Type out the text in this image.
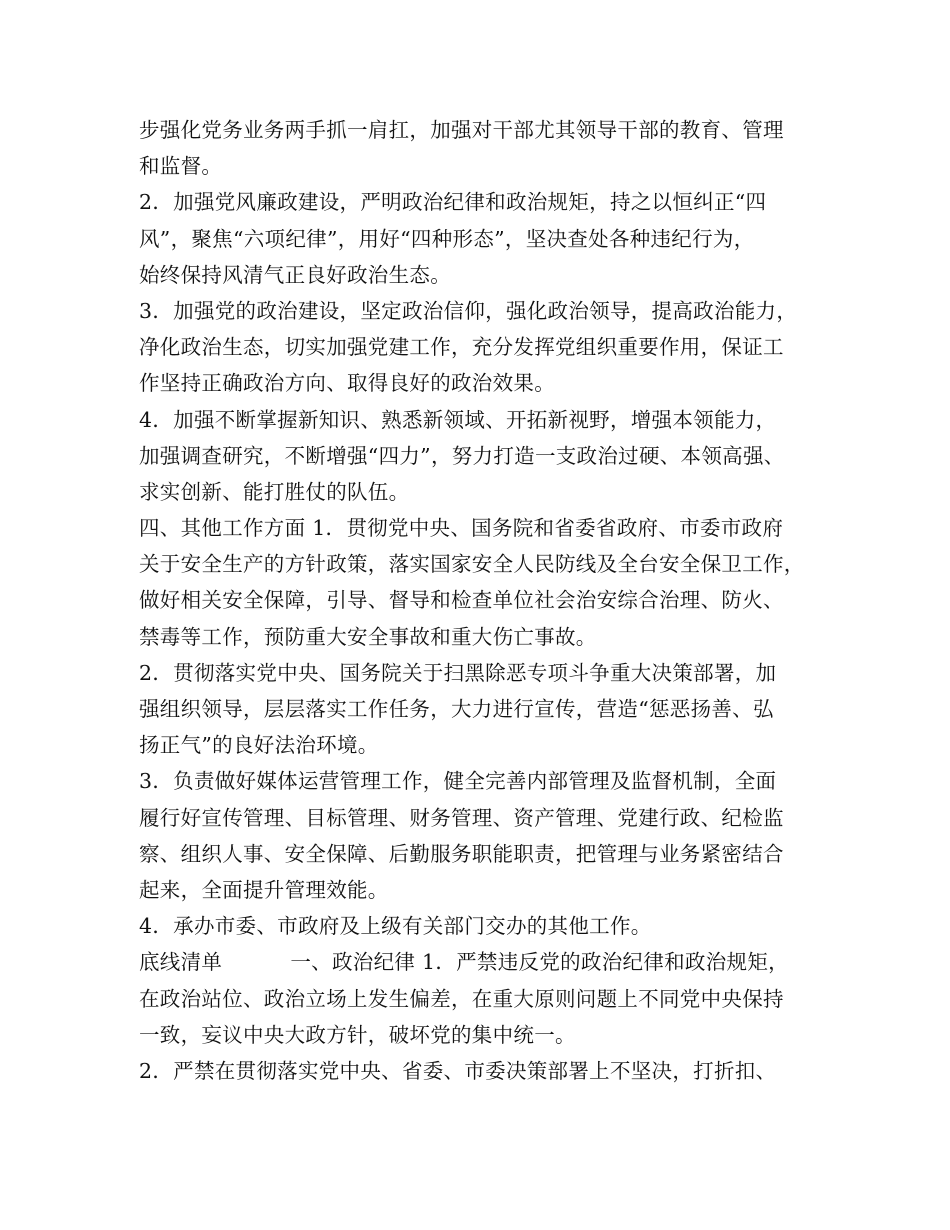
步强化党务业务两手抓一肩扛，加强对干部尤其领导干部的教育、管理
和监督。
2．加强党风廉政建设，严明政治纪律和政治规矩，持之以恒纠正“四
风”，聚焦“六项纪律”，用好“四种形态”，坚决查处各种违纪行为，
始终保持风清气正良好政治生态。
3．加强党的政治建设，坚定政治信仰，强化政治领导，提高政治能力，
净化政治生态，切实加强党建工作，充分发挥党组织重要作用，保证工
作坚持正确政治方向、取得良好的政治效果。
4．加强不断掌握新知识、熟悉新领域、开拓新视野，增强本领能力，
加强调查研究，不断增强“四力”，努力打造一支政治过硬、本领高强、
求实创新、能打胜仗的队伍。
四、其他工作方面 1．贯彻党中央、国务院和省委省政府、市委市政府
关于安全生产的方针政策，落实国家安全人民防线及全台安全保卫工作，
做好相关安全保障，引导、督导和检查单位社会治安综合治理、防火、
禁毒等工作，预防重大安全事故和重大伤亡事故。
2．贯彻落实党中央、国务院关于扫黑除恶专项斗争重大决策部署，加
强组织领导，层层落实工作任务，大力进行宣传，营造“惩恶扬善、弘
扬正气”的良好法治环境。
3．负责做好媒体运营管理工作，健全完善内部管理及监督机制，全面
履行好宣传管理、目标管理、财务管理、资产管理、党建行政、纪检监
察、组织人事、安全保障、后勤服务职能职责，把管理与业务紧密结合
起来，全面提升管理效能。
4．承办市委、市政府及上级有关部门交办的其他工作。
底线清单          一、政治纪律 1．严禁违反党的政治纪律和政治规矩，
在政治站位、政治立场上发生偏差，在重大原则问题上不同党中央保持
一致，妄议中央大政方针，破坏党的集中统一。
2．严禁在贯彻落实党中央、省委、市委决策部署上不坚决，打折扣、
